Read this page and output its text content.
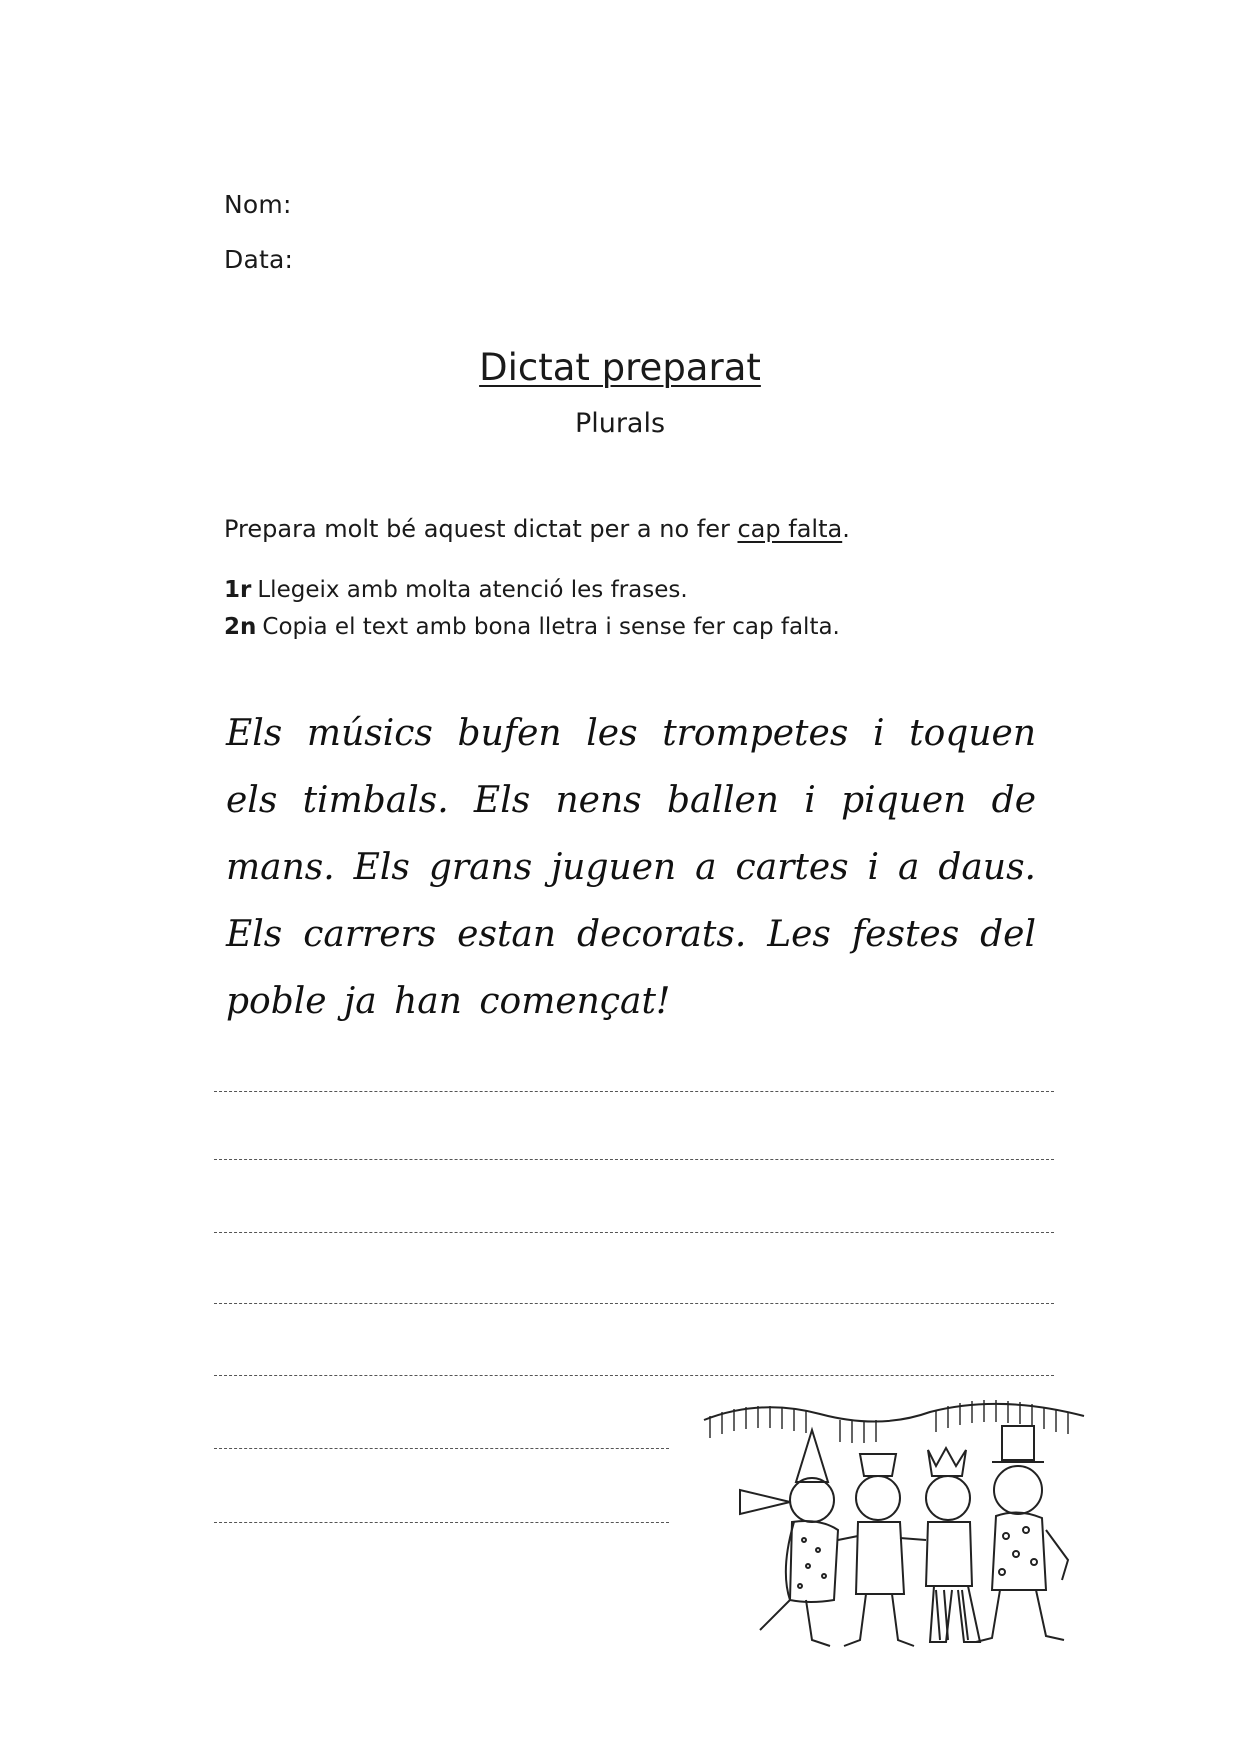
Nom:
Data:
Dictat preparat
Plurals
Prepara molt bé aquest dictat per a no fer cap falta.
1r Llegeix amb molta atenció les frases.
2n Copia el text amb bona lletra i sense fer cap falta.
Els músics bufen les trompetes i toquen els timbals. Els nens ballen i piquen de mans. Els grans juguen a cartes i a daus. Els carrers estan decorats. Les festes del poble ja han començat!
